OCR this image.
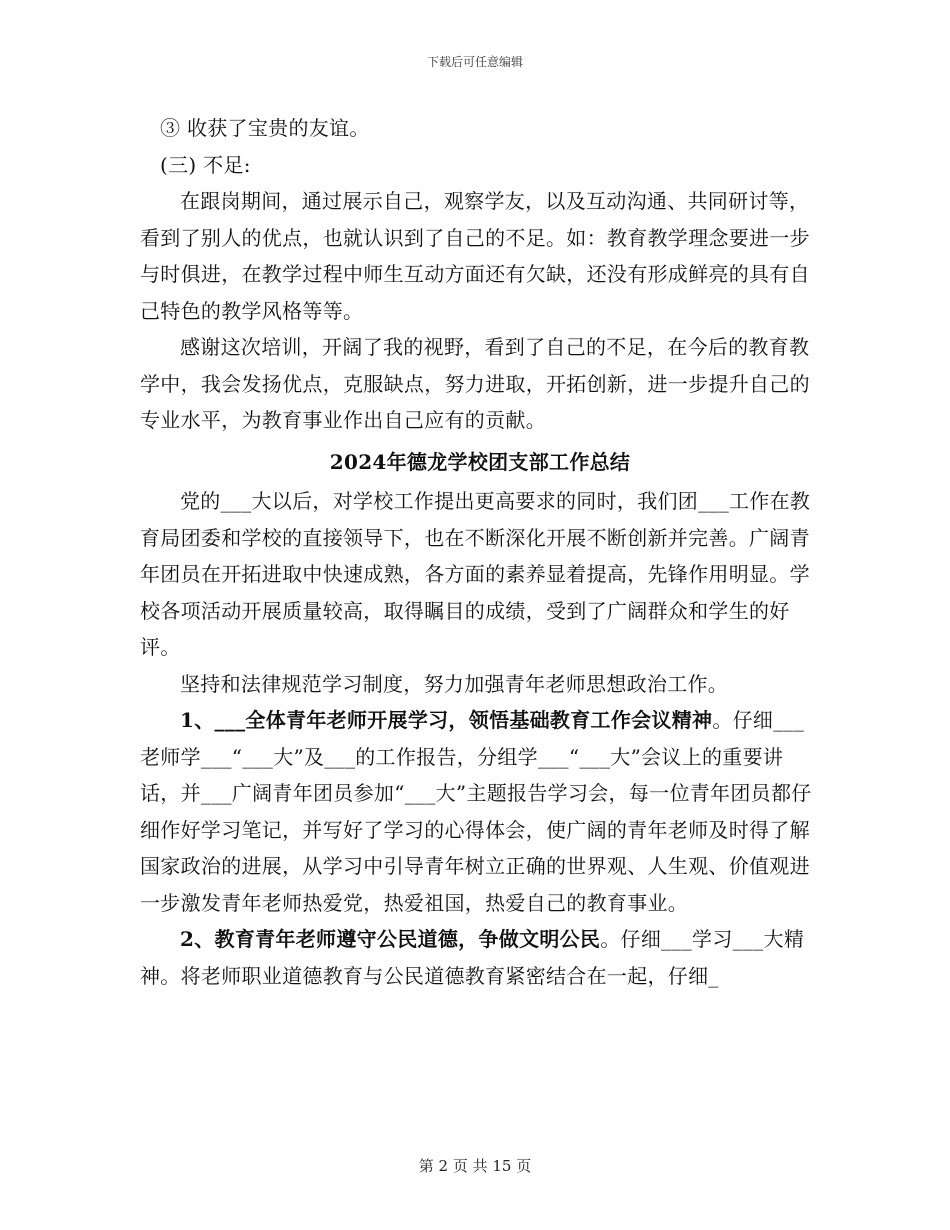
下载后可任意编辑

③ 收获了宝贵的友谊。

(三) 不足:

在跟岗期间，通过展示自己，观察学友，以及互动沟通、共同研讨等，看到了别人的优点，也就认识到了自己的不足。如：教育教学理念要进一步与时俱进，在教学过程中师生互动方面还有欠缺，还没有形成鲜亮的具有自己特色的教学风格等等。

感谢这次培训，开阔了我的视野，看到了自己的不足，在今后的教育教学中，我会发扬优点，克服缺点，努力进取，开拓创新，进一步提升自己的专业水平，为教育事业作出自己应有的贡献。

2024年德龙学校团支部工作总结

党的___大以后，对学校工作提出更高要求的同时，我们团___工作在教育局团委和学校的直接领导下，也在不断深化开展不断创新并完善。广阔青年团员在开拓进取中快速成熟，各方面的素养显着提高，先锋作用明显。学校各项活动开展质量较高，取得瞩目的成绩，受到了广阔群众和学生的好评。

坚持和法律规范学习制度，努力加强青年老师思想政治工作。

1、___全体青年老师开展学习，领悟基础教育工作会议精神。仔细___老师学___“___大”及___的工作报告，分组学___“___大”会议上的重要讲话，并___广阔青年团员参加“___大”主题报告学习会，每一位青年团员都仔细作好学习笔记，并写好了学习的心得体会，使广阔的青年老师及时得了解国家政治的进展，从学习中引导青年树立正确的世界观、人生观、价值观进一步激发青年老师热爱党，热爱祖国，热爱自己的教育事业。

2、教育青年老师遵守公民道德，争做文明公民。仔细___学习___大精神。将老师职业道德教育与公民道德教育紧密结合在一起，仔细_

第 2 页 共 15 页
